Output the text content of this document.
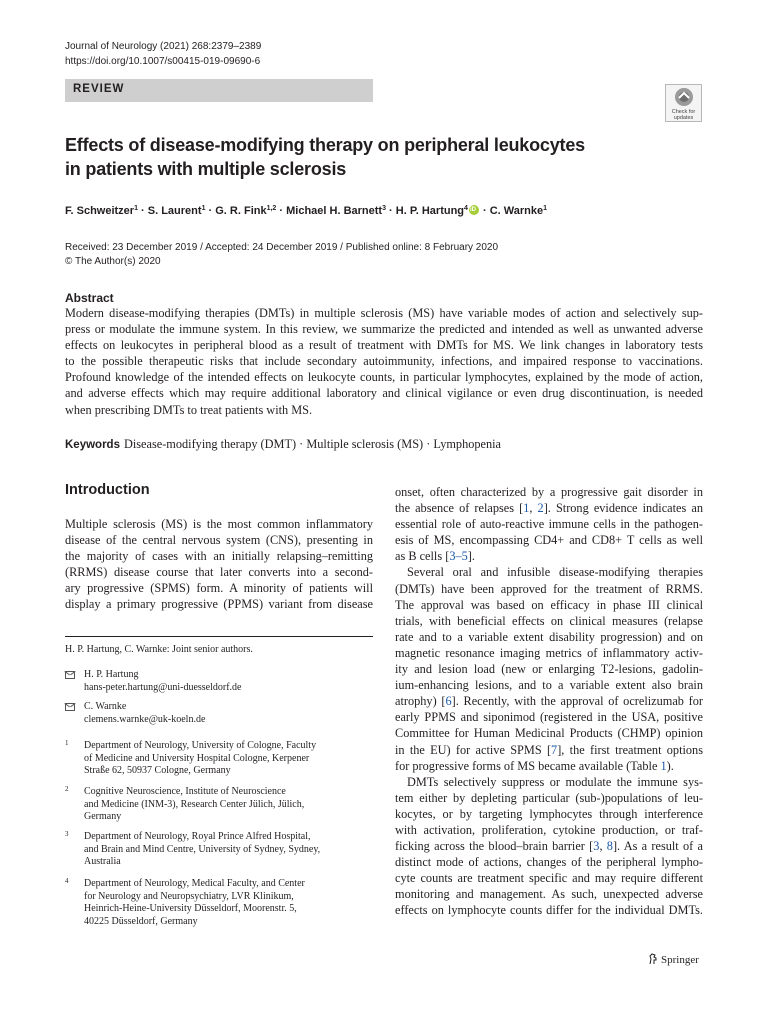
Journal of Neurology (2021) 268:2379–2389
https://doi.org/10.1007/s00415-019-09690-6
REVIEW
Check for
updates
Effects of disease-modifying therapy on peripheral leukocytes
in patients with multiple sclerosis
F. Schweitzer$^1$ · S. Laurent$^1$ · G. R. Fink$^{1,2}$ · Michael H. Barnett$^3$ · H. P. Hartung$^4$iD · C. Warnke$^1$
Received: 23 December 2019 / Accepted: 24 December 2019 / Published online: 8 February 2020
© The Author(s) 2020
Abstract
Modern disease-modifying therapies (DMTs) in multiple sclerosis (MS) have variable modes of action and selectively sup-
press or modulate the immune system. In this review, we summarize the predicted and intended as well as unwanted adverse
effects on leukocytes in peripheral blood as a result of treatment with DMTs for MS. We link changes in laboratory tests
to the possible therapeutic risks that include secondary autoimmunity, infections, and impaired response to vaccinations.
Profound knowledge of the intended effects on leukocyte counts, in particular lymphocytes, explained by the mode of action,
and adverse effects which may require additional laboratory and clinical vigilance or even drug discontinuation, is needed
when prescribing DMTs to treat patients with MS.
Keywords Disease-modifying therapy (DMT) · Multiple sclerosis (MS) · Lymphopenia
Introduction
Multiple sclerosis (MS) is the most common inflammatory
disease of the central nervous system (CNS), presenting in
the majority of cases with an initially relapsing–remitting
(RRMS) disease course that later converts into a second-
ary progressive (SPMS) form. A minority of patients will
display a primary progressive (PPMS) variant from disease
onset, often characterized by a progressive gait disorder in
the absence of relapses [1, 2]. Strong evidence indicates an
essential role of auto-reactive immune cells in the pathogen-
esis of MS, encompassing CD4+ and CD8+ T cells as well
as B cells [3–5].
Several oral and infusible disease-modifying therapies
(DMTs) have been approved for the treatment of RRMS.
The approval was based on efficacy in phase III clinical
trials, with beneficial effects on clinical measures (relapse
rate and to a variable extent disability progression) and on
magnetic resonance imaging metrics of inflammatory activ-
ity and lesion load (new or enlarging T2-lesions, gadolin-
ium-enhancing lesions, and to a variable extent also brain
atrophy) [6]. Recently, with the approval of ocrelizumab for
early PPMS and siponimod (registered in the USA, positive
Committee for Human Medicinal Products (CHMP) opinion
in the EU) for active SPMS [7], the first treatment options
for progressive forms of MS became available (Table 1).
DMTs selectively suppress or modulate the immune sys-
tem either by depleting particular (sub-)populations of leu-
kocytes, or by targeting lymphocytes through interference
with activation, proliferation, cytokine production, or traf-
ficking across the blood–brain barrier [3, 8]. As a result of a
distinct mode of actions, changes of the peripheral lympho-
cyte counts are treatment specific and may require different
monitoring and management. As such, unexpected adverse
effects on lymphocyte counts differ for the individual DMTs.
H. P. Hartung, C. Warnke: Joint senior authors.
H. P. Hartung
hans-peter.hartung@uni-duesseldorf.de
C. Warnke
clemens.warnke@uk-koeln.de
1 Department of Neurology, University of Cologne, Faculty
of Medicine and University Hospital Cologne, Kerpener
Straße 62, 50937 Cologne, Germany
2 Cognitive Neuroscience, Institute of Neuroscience
and Medicine (INM-3), Research Center Jülich, Jülich,
Germany
3 Department of Neurology, Royal Prince Alfred Hospital,
and Brain and Mind Centre, University of Sydney, Sydney,
Australia
4 Department of Neurology, Medical Faculty, and Center
for Neurology and Neuropsychiatry, LVR Klinikum,
Heinrich-Heine-University Düsseldorf, Moorenstr. 5,
40225 Düsseldorf, Germany
Springer
